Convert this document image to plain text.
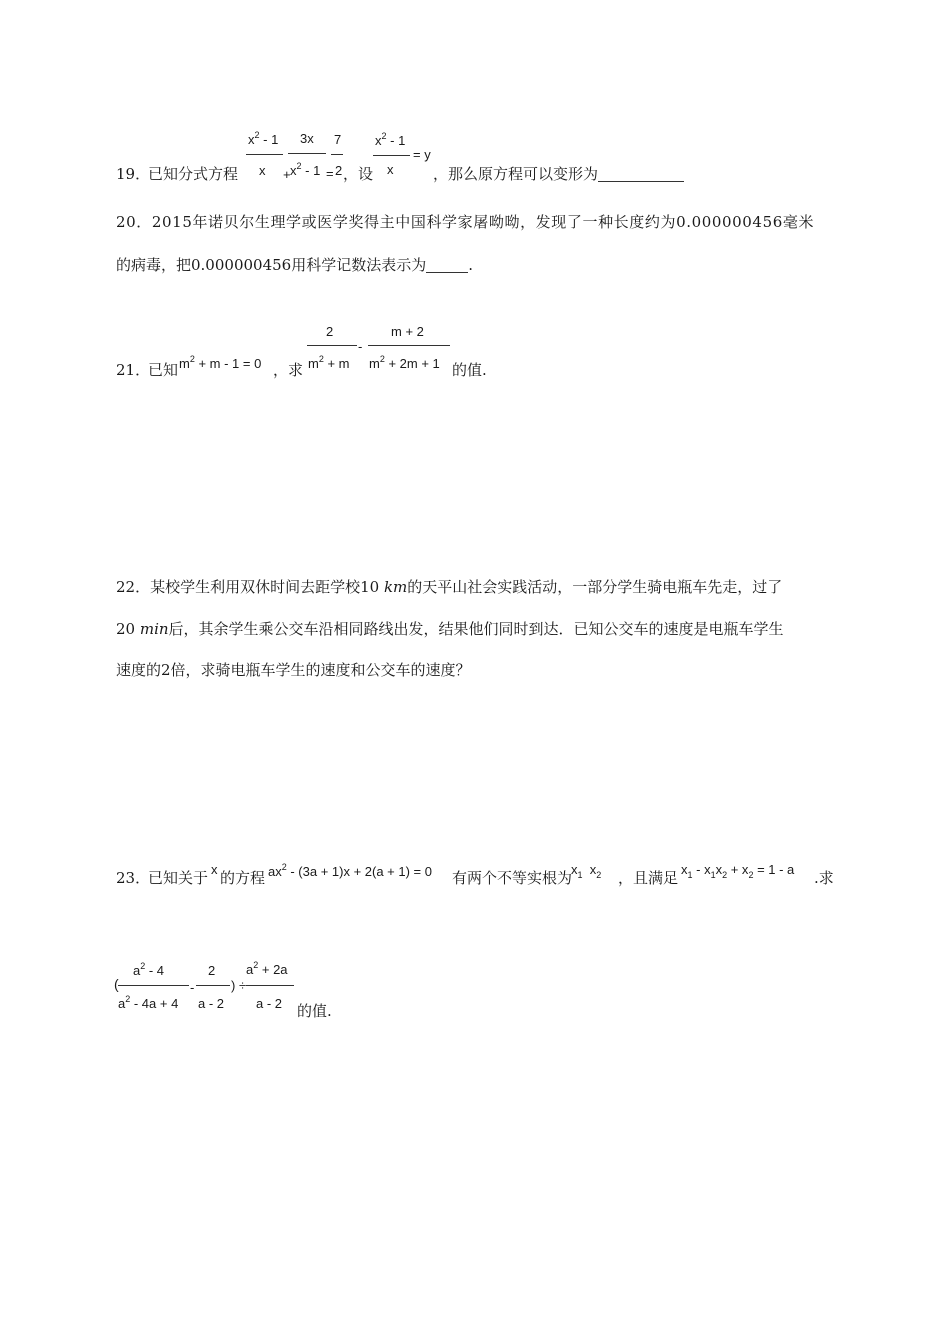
19．
已知分式方程
$x^2 - 1$
x +
3x
$x^2 - 1$ =
7
2 ，设
$x^2 - 1$
x
= y
，那么原方程可以变形为
20．2015年诺贝尔生理学或医学奖得主中国科学家屠呦呦，发现了一种长度约为0.000000456毫米
的病毒，把0.000000456用科学记数法表示为	.
21．
已知 $m^2 + m - 1 = 0$ ，求
2
$m^2 + m$
-
m + 2
$m^2 + 2m + 1$ 的值.
22．某校学生利用双休时间去距学校10 km的天平山社会实践活动，一部分学生骑电瓶车先走，过了
20 min后，其余学生乘公交车沿相同路线出发，结果他们同时到达．已知公交车的速度是电瓶车学生
速度的2倍，求骑电瓶车学生的速度和公交车的速度？
23．
已知关于 x 的方程 $ax^2 - (3a + 1)x + 2(a + 1) = 0$ 有两个不等实根为
$x_1$ $x_2$ ，且满足 $x_1 - x_1x_2 + x_2 = 1 - a$ .求
(
$a^2 - 4$
$a^2 - 4a + 4$
-
2
a - 2
) ÷
$a^2 + 2a$
a - 2 的值.
